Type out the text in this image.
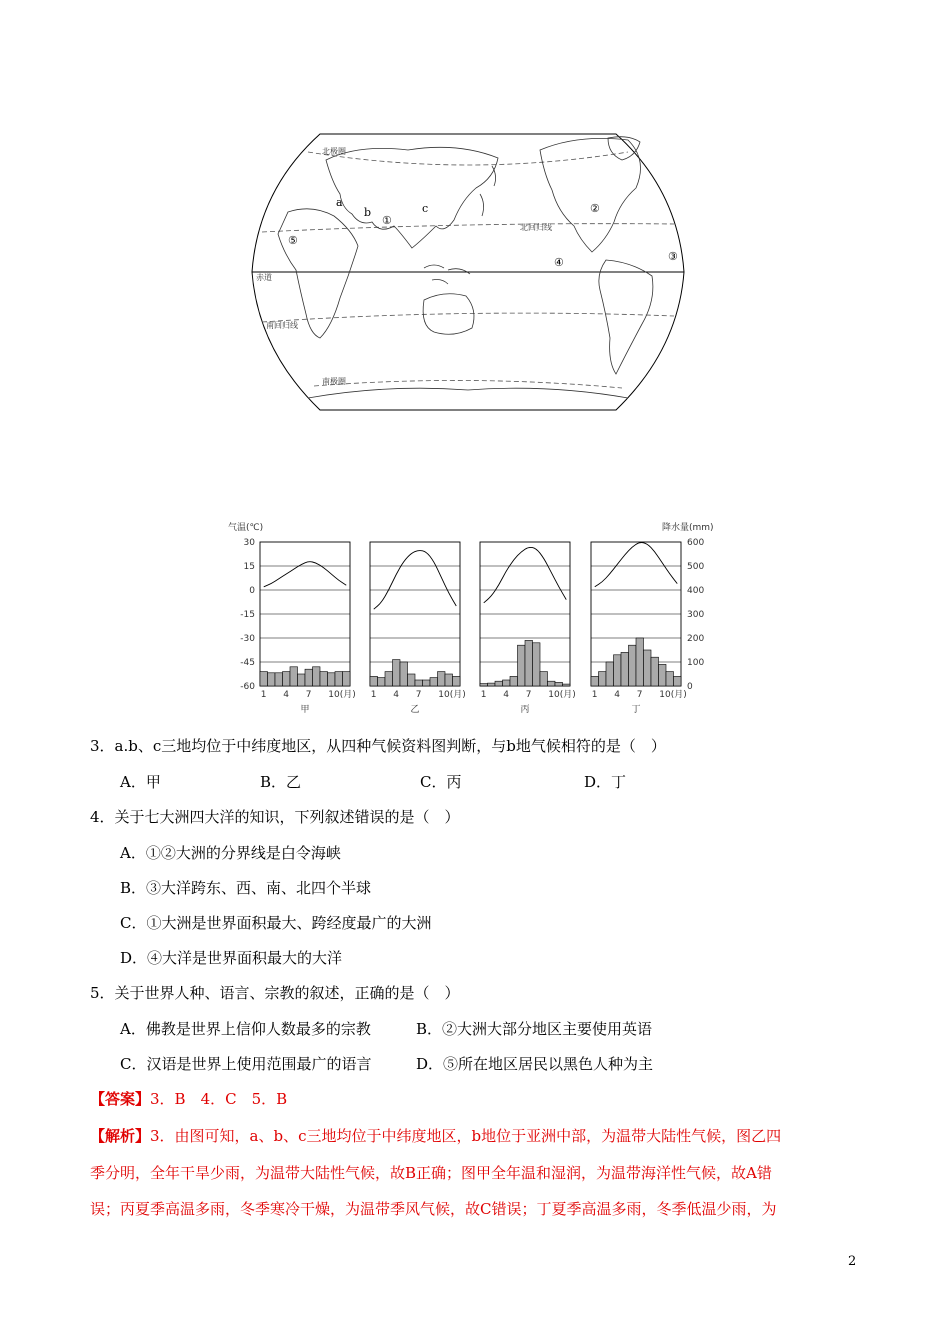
北极圈
北回归线
赤道
南回归线
南极圈
a
b	c
①
②
③
④
⑤
气温(℃)	降水量(mm)
30
15
0
-15
-30
-45
-60
600
500
400
300
200
100
0
1 4 7 10(月)
甲
1 4 7 10(月)
乙
1 4 7 10(月)
丙
1 4 7 10(月)
丁
3．a.b、c三地均位于中纬度地区，从四种气候资料图判断，与b地气候相符的是（　）
A．甲	B．乙	C．丙	D．丁
4．关于七大洲四大洋的知识，下列叙述错误的是（　）
A．①②大洲的分界线是白令海峡
B．③大洋跨东、西、南、北四个半球
C．①大洲是世界面积最大、跨经度最广的大洲
D．④大洋是世界面积最大的大洋
5．关于世界人种、语言、宗教的叙述，正确的是（　）
A．佛教是世界上信仰人数最多的宗教	B．②大洲大部分地区主要使用英语
C．汉语是世界上使用范围最广的语言	D．⑤所在地区居民以黑色人种为主
【答案】3．B　4．C　5．B
【解析】3．由图可知，a、b、c三地均位于中纬度地区，b地位于亚洲中部，为温带大陆性气候，图乙四
季分明，全年干旱少雨，为温带大陆性气候，故B正确；图甲全年温和湿润，为温带海洋性气候，故A错
误；丙夏季高温多雨，冬季寒冷干燥，为温带季风气候，故C错误；丁夏季高温多雨，冬季低温少雨，为
2
